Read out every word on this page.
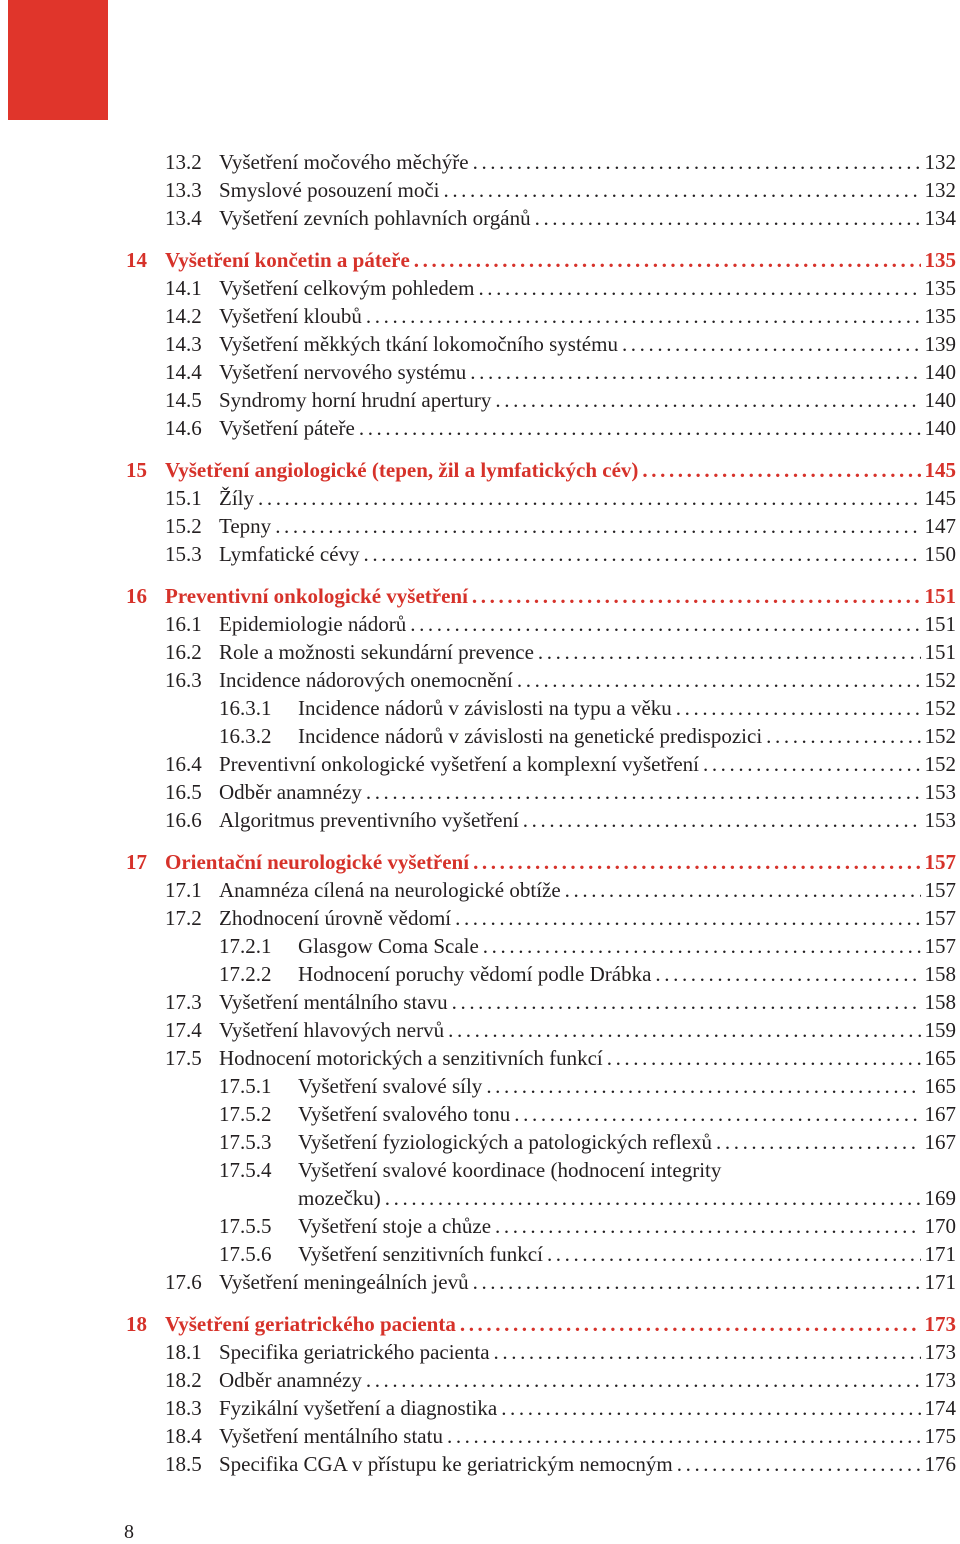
13.2 Vyšetření močového měchýře .....	132
13.3 Smyslové posouzení moči .....	132
13.4 Vyšetření zevních pohlavních orgánů .....	134
14 Vyšetření končetin a páteře .....	135
14.1 Vyšetření celkovým pohledem .....	135
14.2 Vyšetření kloubů .....	135
14.3 Vyšetření měkkých tkání lokomočního systému .....	139
14.4 Vyšetření nervového systému .....	140
14.5 Syndromy horní hrudní apertury .....	140
14.6 Vyšetření páteře .....	140
15 Vyšetření angiologické (tepen, žil a lymfatických cév) .....	145
15.1 Žíly .....	145
15.2 Tepny .....	147
15.3 Lymfatické cévy .....	150
16 Preventivní onkologické vyšetření .....	151
16.1 Epidemiologie nádorů .....	151
16.2 Role a možnosti sekundární prevence .....	151
16.3 Incidence nádorových onemocnění .....	152
16.3.1 Incidence nádorů v závislosti na typu a věku .....	152
16.3.2 Incidence nádorů v závislosti na genetické predispozici .....	152
16.4 Preventivní onkologické vyšetření a komplexní vyšetření .....	152
16.5 Odběr anamnézy .....	153
16.6 Algoritmus preventivního vyšetření .....	153
17 Orientační neurologické vyšetření .....	157
17.1 Anamnéza cílená na neurologické obtíže .....	157
17.2 Zhodnocení úrovně vědomí .....	157
17.2.1 Glasgow Coma Scale .....	157
17.2.2 Hodnocení poruchy vědomí podle Drábka .....	158
17.3 Vyšetření mentálního stavu .....	158
17.4 Vyšetření hlavových nervů .....	159
17.5 Hodnocení motorických a senzitivních funkcí .....	165
17.5.1 Vyšetření svalové síly .....	165
17.5.2 Vyšetření svalového tonu .....	167
17.5.3 Vyšetření fyziologických a patologických reflexů .....	167
17.5.4 Vyšetření svalové koordinace (hodnocení integrity
mozečku) .....	169
17.5.5 Vyšetření stoje a chůze .....	170
17.5.6 Vyšetření senzitivních funkcí .....	171
17.6 Vyšetření meningeálních jevů .....	171
18 Vyšetření geriatrického pacienta .....	173
18.1 Specifika geriatrického pacienta .....	173
18.2 Odběr anamnézy .....	173
18.3 Fyzikální vyšetření a diagnostika .....	174
18.4 Vyšetření mentálního statu .....	175
18.5 Specifika CGA v přístupu ke geriatrickým nemocným .....	176
8
